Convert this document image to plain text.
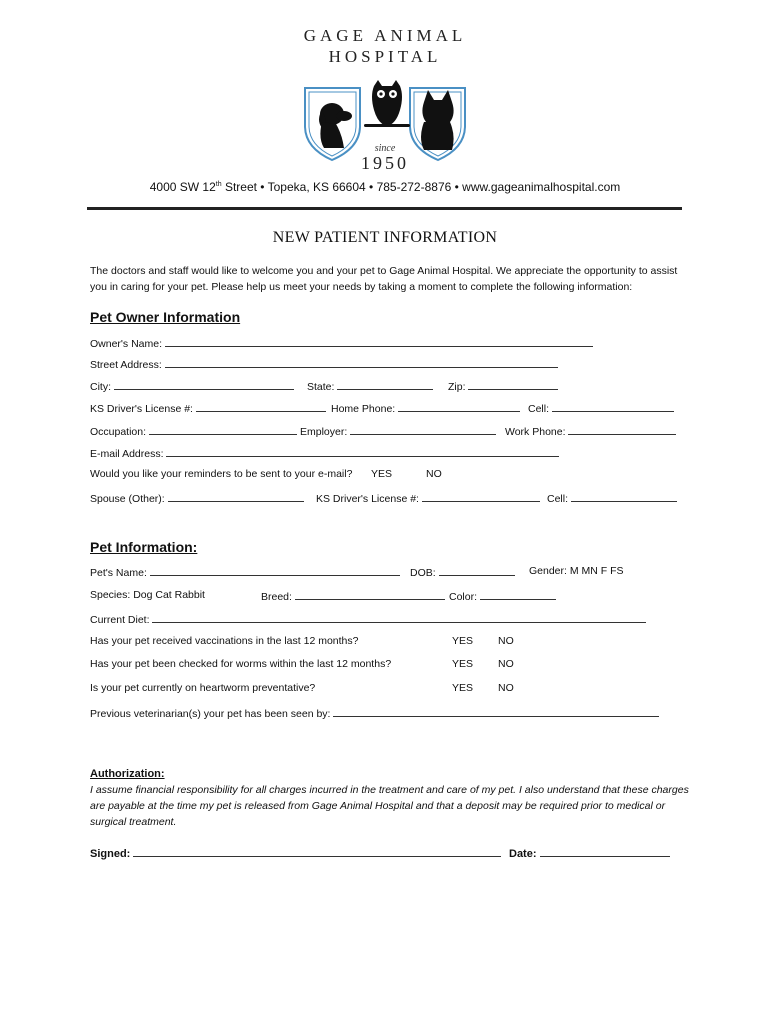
GAGE ANIMAL
HOSPITAL
since
1950
4000 SW 12th Street • Topeka, KS 66604 • 785-272-8876 • www.gageanimalhospital.com
NEW PATIENT INFORMATION
The doctors and staff would like to welcome you and your pet to Gage Animal Hospital. We appreciate the opportunity to assist you in caring for your pet. Please help us meet your needs by taking a moment to complete the following information:
Pet Owner Information
Owner's Name:
Street Address:
City:	State:	Zip:
KS Driver's License #:	Home Phone:	Cell:
Occupation:	Employer:	Work Phone:
E-mail Address:
Would you like your reminders to be sent to your e-mail? YES	NO
Spouse (Other):	KS Driver's License #:	Cell:
Pet Information:
Pet's Name:	DOB:	Gender: M MN F FS
Species: Dog Cat Rabbit	Breed:	Color:
Current Diet:
Has your pet received vaccinations in the last 12 months?	YES NO
Has your pet been checked for worms within the last 12 months?	YES NO
Is your pet currently on heartworm preventative?	YES NO
Previous veterinarian(s) your pet has been seen by:
Authorization:
I assume financial responsibility for all charges incurred in the treatment and care of my pet. I also understand that these charges are payable at the time my pet is released from Gage Animal Hospital and that a deposit may be required prior to medical or surgical treatment.
Signed:	Date:
